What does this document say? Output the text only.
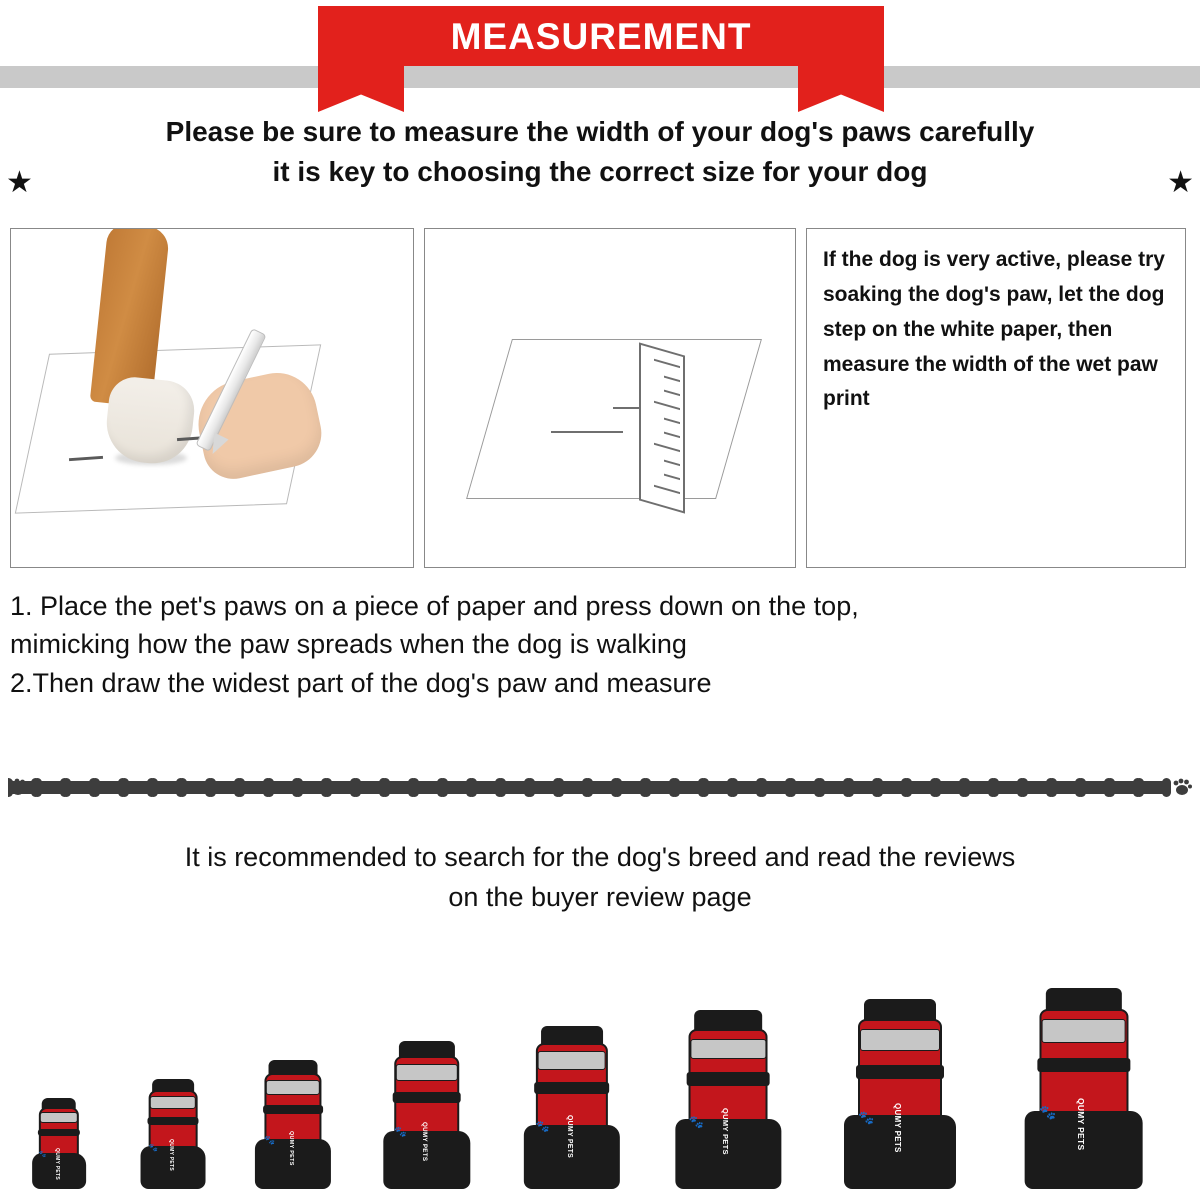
MEASUREMENT
Please be sure to measure the width of your dog's paws carefully
it is key to choosing the correct size for your dog
★	★
If the dog is very active, please try soaking the dog's paw, let the dog step on the white paper, then measure the width of the wet paw print

1. Place the pet's paws on a piece of paper and press down on the top,

mimicking how the paw spreads when the dog is walking

2.Then draw the widest part of the dog's paw and measure

It is recommended to search for the dog's breed and read the reviews
on the buyer review page
🐾 QUMY PETS
🐾 QUMY PETS	🐾 QUMY PETS	🐾 QUMY PETS	🐾 QUMY PETS	🐾 QUMY PETS	🐾 QUMY PETS	🐾 QUMY PETS
